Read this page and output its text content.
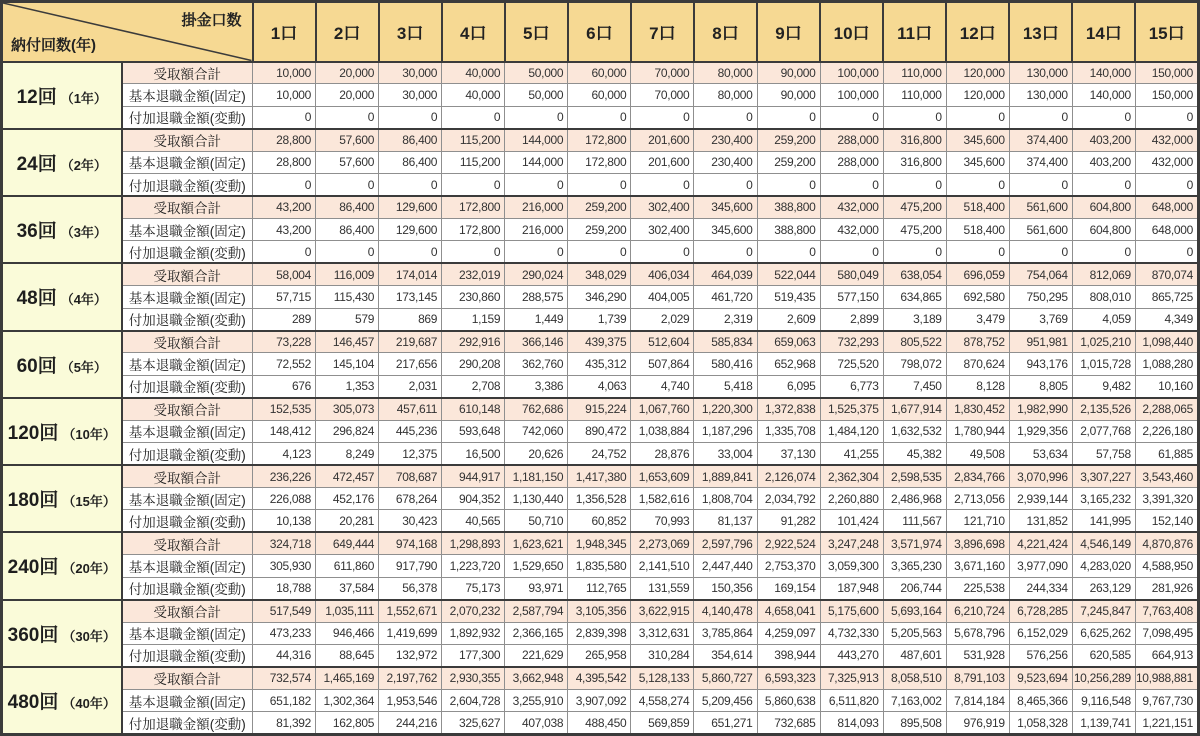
掛金口数
納付回数(年)		1口	2口	3口	4口	5口	6口	7口	8口	9口	10口	11口	12口	13口	14口	15口
12回 （1年）	受取額合計	10,000	20,000	30,000	40,000	50,000	60,000	70,000	80,000	90,000	100,000	110,000	120,000	130,000	140,000	150,000
	基本退職金額(固定)	10,000	20,000	30,000	40,000	50,000	60,000	70,000	80,000	90,000	100,000	110,000	120,000	130,000	140,000	150,000
	付加退職金額(変動)	0	0	0	0	0	0	0	0	0	0	0	0	0	0	0
24回 （2年）	受取額合計	28,800	57,600	86,400	115,200	144,000	172,800	201,600	230,400	259,200	288,000	316,800	345,600	374,400	403,200	432,000
	基本退職金額(固定)	28,800	57,600	86,400	115,200	144,000	172,800	201,600	230,400	259,200	288,000	316,800	345,600	374,400	403,200	432,000
	付加退職金額(変動)	0	0	0	0	0	0	0	0	0	0	0	0	0	0	0
36回 （3年）	受取額合計	43,200	86,400	129,600	172,800	216,000	259,200	302,400	345,600	388,800	432,000	475,200	518,400	561,600	604,800	648,000
	基本退職金額(固定)	43,200	86,400	129,600	172,800	216,000	259,200	302,400	345,600	388,800	432,000	475,200	518,400	561,600	604,800	648,000
	付加退職金額(変動)	0	0	0	0	0	0	0	0	0	0	0	0	0	0	0
48回 （4年）	受取額合計	58,004	116,009	174,014	232,019	290,024	348,029	406,034	464,039	522,044	580,049	638,054	696,059	754,064	812,069	870,074
	基本退職金額(固定)	57,715	115,430	173,145	230,860	288,575	346,290	404,005	461,720	519,435	577,150	634,865	692,580	750,295	808,010	865,725
	付加退職金額(変動)	289	579	869	1,159	1,449	1,739	2,029	2,319	2,609	2,899	3,189	3,479	3,769	4,059	4,349
60回 （5年）	受取額合計	73,228	146,457	219,687	292,916	366,146	439,375	512,604	585,834	659,063	732,293	805,522	878,752	951,981	1,025,210	1,098,440
	基本退職金額(固定)	72,552	145,104	217,656	290,208	362,760	435,312	507,864	580,416	652,968	725,520	798,072	870,624	943,176	1,015,728	1,088,280
	付加退職金額(変動)	676	1,353	2,031	2,708	3,386	4,063	4,740	5,418	6,095	6,773	7,450	8,128	8,805	9,482	10,160
120回 （10年）	受取額合計	152,535	305,073	457,611	610,148	762,686	915,224	1,067,760	1,220,300	1,372,838	1,525,375	1,677,914	1,830,452	1,982,990	2,135,526	2,288,065
	基本退職金額(固定)	148,412	296,824	445,236	593,648	742,060	890,472	1,038,884	1,187,296	1,335,708	1,484,120	1,632,532	1,780,944	1,929,356	2,077,768	2,226,180
	付加退職金額(変動)	4,123	8,249	12,375	16,500	20,626	24,752	28,876	33,004	37,130	41,255	45,382	49,508	53,634	57,758	61,885
180回 （15年）	受取額合計	236,226	472,457	708,687	944,917	1,181,150	1,417,380	1,653,609	1,889,841	2,126,074	2,362,304	2,598,535	2,834,766	3,070,996	3,307,227	3,543,460
	基本退職金額(固定)	226,088	452,176	678,264	904,352	1,130,440	1,356,528	1,582,616	1,808,704	2,034,792	2,260,880	2,486,968	2,713,056	2,939,144	3,165,232	3,391,320
	付加退職金額(変動)	10,138	20,281	30,423	40,565	50,710	60,852	70,993	81,137	91,282	101,424	111,567	121,710	131,852	141,995	152,140
240回 （20年）	受取額合計	324,718	649,444	974,168	1,298,893	1,623,621	1,948,345	2,273,069	2,597,796	2,922,524	3,247,248	3,571,974	3,896,698	4,221,424	4,546,149	4,870,876
	基本退職金額(固定)	305,930	611,860	917,790	1,223,720	1,529,650	1,835,580	2,141,510	2,447,440	2,753,370	3,059,300	3,365,230	3,671,160	3,977,090	4,283,020	4,588,950
	付加退職金額(変動)	18,788	37,584	56,378	75,173	93,971	112,765	131,559	150,356	169,154	187,948	206,744	225,538	244,334	263,129	281,926
360回 （30年）	受取額合計	517,549	1,035,111	1,552,671	2,070,232	2,587,794	3,105,356	3,622,915	4,140,478	4,658,041	5,175,600	5,693,164	6,210,724	6,728,285	7,245,847	7,763,408
	基本退職金額(固定)	473,233	946,466	1,419,699	1,892,932	2,366,165	2,839,398	3,312,631	3,785,864	4,259,097	4,732,330	5,205,563	5,678,796	6,152,029	6,625,262	7,098,495
	付加退職金額(変動)	44,316	88,645	132,972	177,300	221,629	265,958	310,284	354,614	398,944	443,270	487,601	531,928	576,256	620,585	664,913
480回 （40年）	受取額合計	732,574	1,465,169	2,197,762	2,930,355	3,662,948	4,395,542	5,128,133	5,860,727	6,593,323	7,325,913	8,058,510	8,791,103	9,523,694	10,256,289	10,988,881
	基本退職金額(固定)	651,182	1,302,364	1,953,546	2,604,728	3,255,910	3,907,092	4,558,274	5,209,456	5,860,638	6,511,820	7,163,002	7,814,184	8,465,366	9,116,548	9,767,730
	付加退職金額(変動)	81,392	162,805	244,216	325,627	407,038	488,450	569,859	651,271	732,685	814,093	895,508	976,919	1,058,328	1,139,741	1,221,151
